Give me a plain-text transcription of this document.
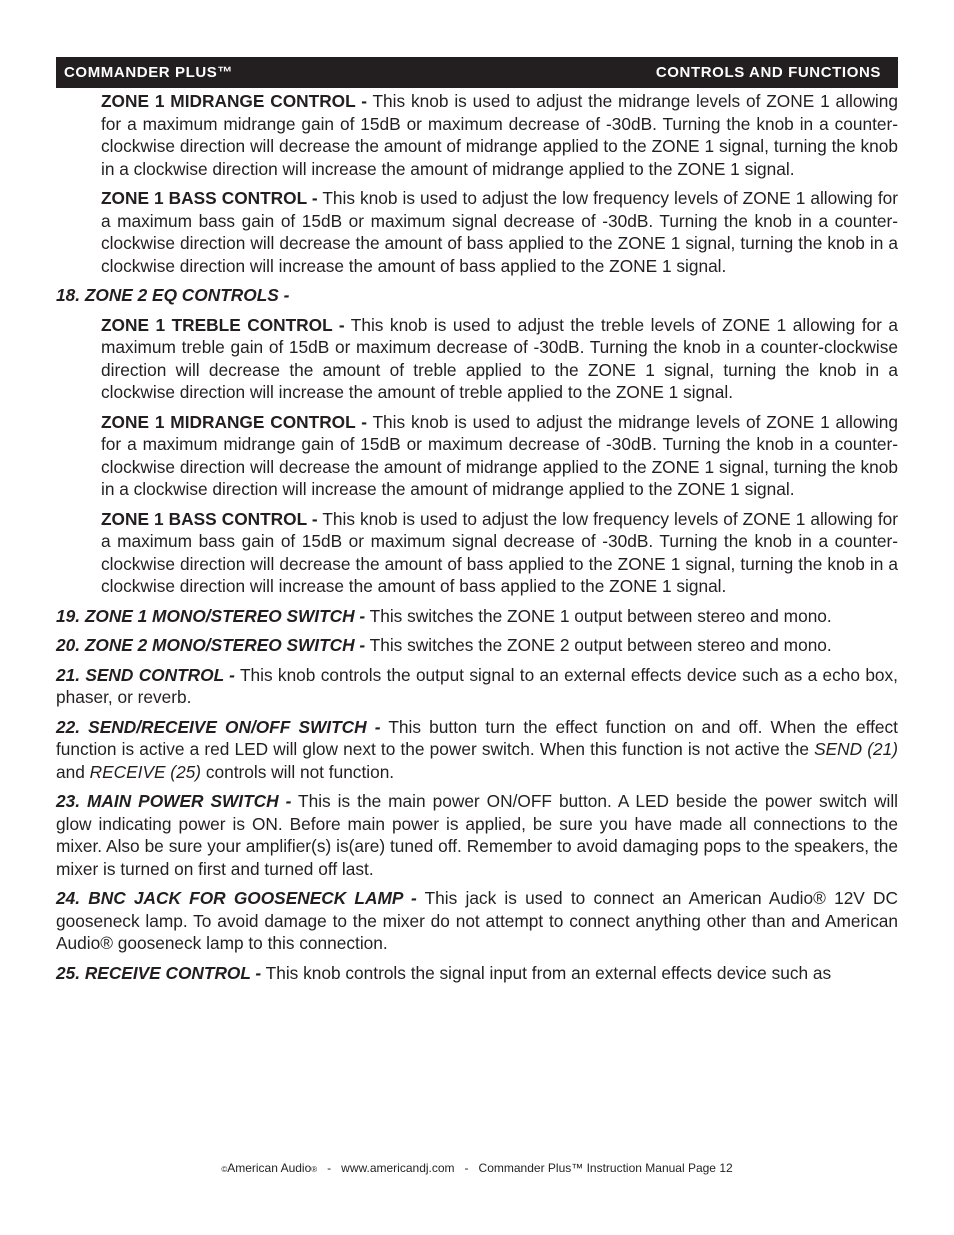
COMMANDER PLUS™	CONTROLS AND FUNCTIONS

ZONE 1 MIDRANGE CONTROL - This knob is used to adjust the midrange levels of ZONE 1 allowing for a maximum midrange gain of 15dB or maximum decrease of -30dB. Turning the knob in a counter-clockwise direction will decrease the amount of midrange applied to the ZONE 1 signal, turning the knob in a clockwise direction will increase the amount of midrange applied to the ZONE 1 signal.

ZONE 1 BASS CONTROL - This knob is used to adjust the low frequency levels of ZONE 1 allowing for a maximum bass gain of 15dB or maximum signal decrease of -30dB. Turning the knob in a counter-clockwise direction will decrease the amount of bass applied to the ZONE 1 signal, turning the knob in a clockwise direction will increase the amount of bass applied to the ZONE 1 signal.

18. ZONE 2 EQ CONTROLS -

ZONE 1 TREBLE CONTROL - This knob is used to adjust the treble levels of ZONE 1 allowing for a maximum treble gain of 15dB or maximum decrease of -30dB. Turning the knob in a counter-clockwise direction will decrease the amount of treble applied to the ZONE 1 signal, turning the knob in a clockwise direction will increase the amount of treble applied to the ZONE 1 signal.

ZONE 1 MIDRANGE CONTROL - This knob is used to adjust the midrange levels of ZONE 1 allowing for a maximum midrange gain of 15dB or maximum decrease of -30dB. Turning the knob in a counter-clockwise direction will decrease the amount of midrange applied to the ZONE 1 signal, turning the knob in a clockwise direction will increase the amount of midrange applied to the ZONE 1 signal.

ZONE 1 BASS CONTROL - This knob is used to adjust the low frequency levels of ZONE 1 allowing for a maximum bass gain of 15dB or maximum signal decrease of -30dB. Turning the knob in a counter-clockwise direction will decrease the amount of bass applied to the ZONE 1 signal, turning the knob in a clockwise direction will increase the amount of bass applied to the ZONE 1 signal.

19. ZONE 1 MONO/STEREO SWITCH - This switches the ZONE 1 output between stereo and mono.

20. ZONE 2 MONO/STEREO SWITCH - This switches the ZONE 2 output between stereo and mono.

21. SEND CONTROL - This knob controls the output signal to an external effects device such as a echo box, phaser, or reverb.

22. SEND/RECEIVE ON/OFF SWITCH - This button turn the effect function on and off. When the effect function is active a red LED will glow next to the power switch. When this function is not active the SEND (21) and RECEIVE (25) controls will not function.

23. MAIN POWER SWITCH - This is the main power ON/OFF button. A LED beside the power switch will glow indicating power is ON. Before main power is applied, be sure you have made all connections to the mixer. Also be sure your amplifier(s) is(are) tuned off. Remember to avoid damaging pops to the speakers, the mixer is turned on first and turned off last.

24. BNC JACK FOR GOOSENECK LAMP - This jack is used to connect an American Audio® 12V DC gooseneck lamp. To avoid damage to the mixer do not attempt to connect anything other than and American Audio® gooseneck lamp to this connection.

25. RECEIVE CONTROL - This knob controls the signal input from an external effects device such as

©American Audio®   -   www.americandj.com   -   Commander Plus™ Instruction Manual Page 12
